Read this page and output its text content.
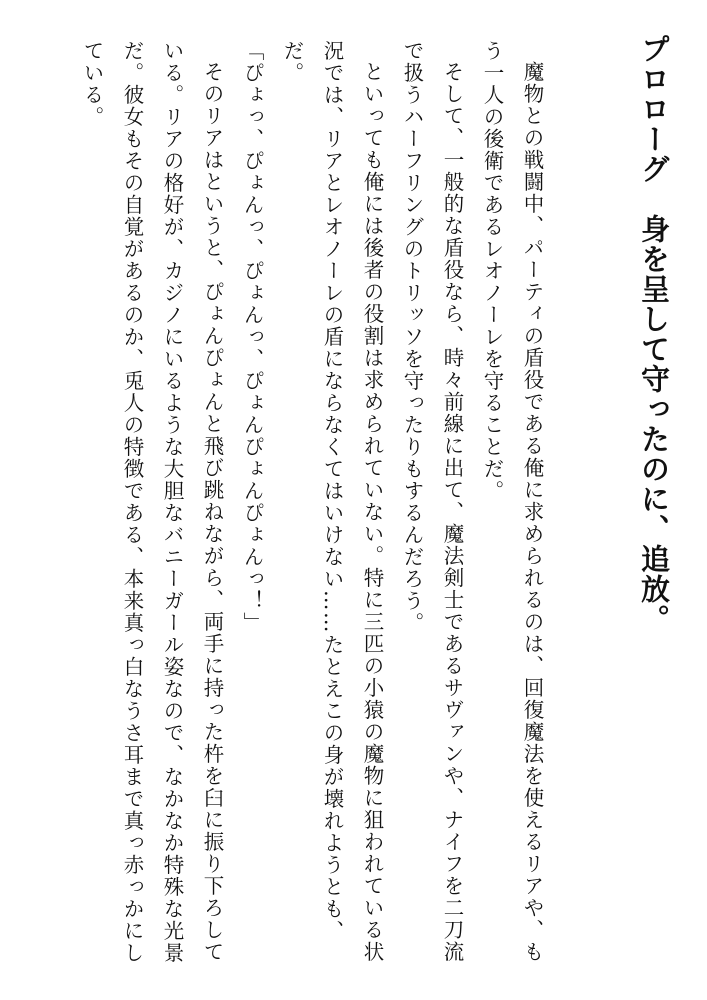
プロローグ　身を呈して守ったのに、追放。

魔物との戦闘中、パーティの盾役である俺に求められるのは、回復魔法を使えるリアや、もう一人の後衛であるレオノーレを守ることだ。

そして、一般的な盾役なら、時々前線に出て、魔法剣士であるサヴァンや、ナイフを二刀流で扱うハーフリングのトリッソを守ったりもするんだろう。

といっても俺には後者の役割は求められていない。特に三匹の小猿の魔物に狙われている状況では、リアとレオノーレの盾にならなくてはいけない……たとえこの身が壊れようとも、だ。

「ぴょっ、ぴょんっ、ぴょんっ、ぴょんぴょんぴょんっ！」

そのリアはというと、ぴょんぴょんと飛び跳ねながら、両手に持った杵を臼に振り下ろしている。リアの格好が、カジノにいるような大胆なバニーガール姿なので、なかなか特殊な光景だ。彼女もその自覚があるのか、兎人の特徴である、本来真っ白なうさ耳まで真っ赤っかにしている。
